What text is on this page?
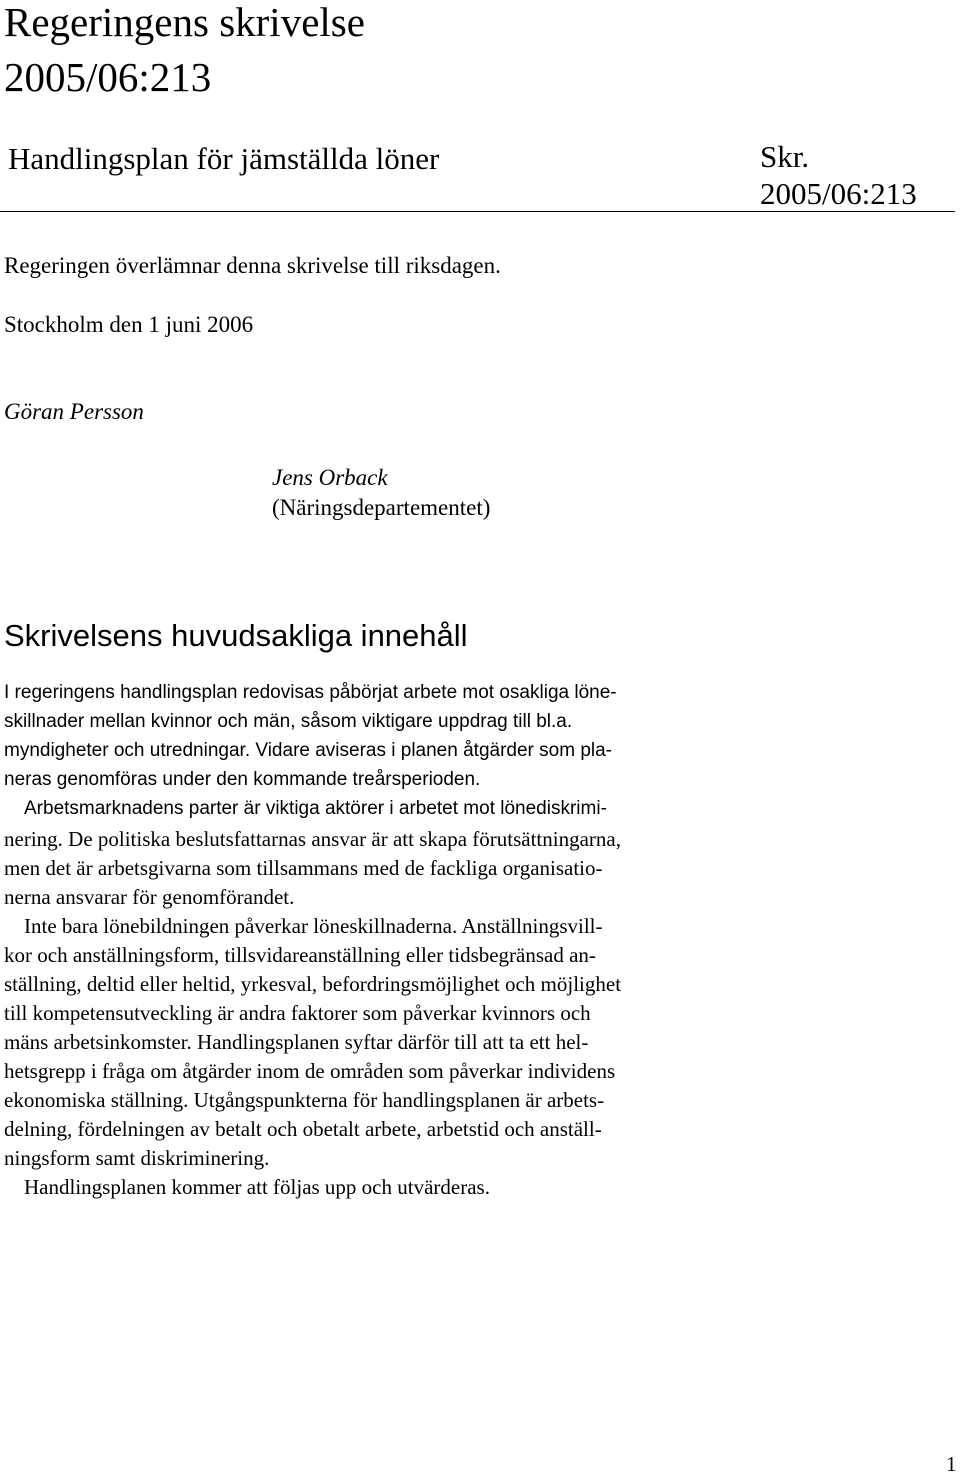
Regeringens skrivelse
2005/06:213
Handlingsplan för jämställda löner	Skr.
2005/06:213
Regeringen överlämnar denna skrivelse till riksdagen.
Stockholm den 1 juni 2006
Göran Persson
Jens Orback
(Näringsdepartementet)
Skrivelsens huvudsakliga innehåll
I regeringens handlingsplan redovisas påbörjat arbete mot osakliga löne-
skillnader mellan kvinnor och män, såsom viktigare uppdrag till bl.a.
myndigheter och utredningar. Vidare aviseras i planen åtgärder som pla-
neras genomföras under den kommande treårsperioden.
Arbetsmarknadens parter är viktiga aktörer i arbetet mot lönediskrimi-
nering. De politiska beslutsfattarnas ansvar är att skapa förutsättningarna,
men det är arbetsgivarna som tillsammans med de fackliga organisatio-
nerna ansvarar för genomförandet.
Inte bara lönebildningen påverkar löneskillnaderna. Anställningsvill-
kor och anställningsform, tillsvidareanställning eller tidsbegränsad an-
ställning, deltid eller heltid, yrkesval, befordringsmöjlighet och möjlighet
till kompetensutveckling är andra faktorer som påverkar kvinnors och
mäns arbetsinkomster. Handlingsplanen syftar därför till att ta ett hel-
hetsgrepp i fråga om åtgärder inom de områden som påverkar individens
ekonomiska ställning. Utgångspunkterna för handlingsplanen är arbets-
delning, fördelningen av betalt och obetalt arbete, arbetstid och anställ-
ningsform samt diskriminering.
Handlingsplanen kommer att följas upp och utvärderas.
1
